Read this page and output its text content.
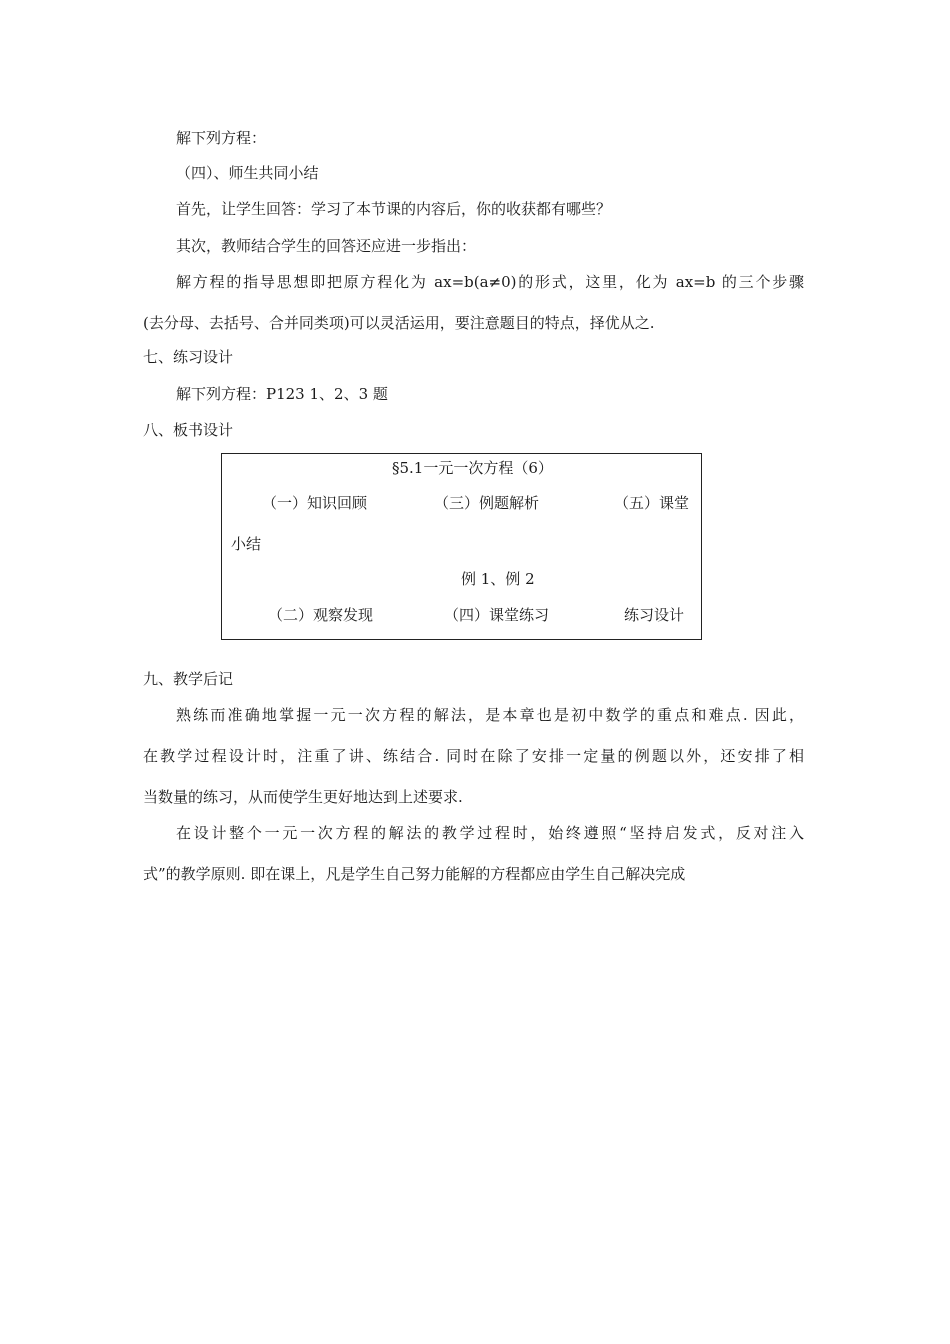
解下列方程：

（四）、师生共同小结

首先，让学生回答：学习了本节课的内容后，你的收获都有哪些？

其次，教师结合学生的回答还应进一步指出：

解方程的指导思想即把原方程化为 ax=b(a≠0)的形式，这里，化为 ax=b 的三个步骤

(去分母、去括号、合并同类项)可以灵活运用，要注意题目的特点，择优从之.

七、练习设计

解下列方程：P123 1、2、3 题

八、板书设计

§5.1一元一次方程（6）

（一）知识回顾	（三）例题解析	（五）课堂

小结

例 1、例 2

（二）观察发现	（四）课堂练习	练习设计

九、教学后记

熟练而准确地掌握一元一次方程的解法，是本章也是初中数学的重点和难点. 因此，

在教学过程设计时，注重了讲、练结合. 同时在除了安排一定量的例题以外，还安排了相

当数量的练习，从而使学生更好地达到上述要求.

在设计整个一元一次方程的解法的教学过程时，始终遵照“坚持启发式，反对注入

式”的教学原则. 即在课上，凡是学生自己努力能解的方程都应由学生自己解决完成
